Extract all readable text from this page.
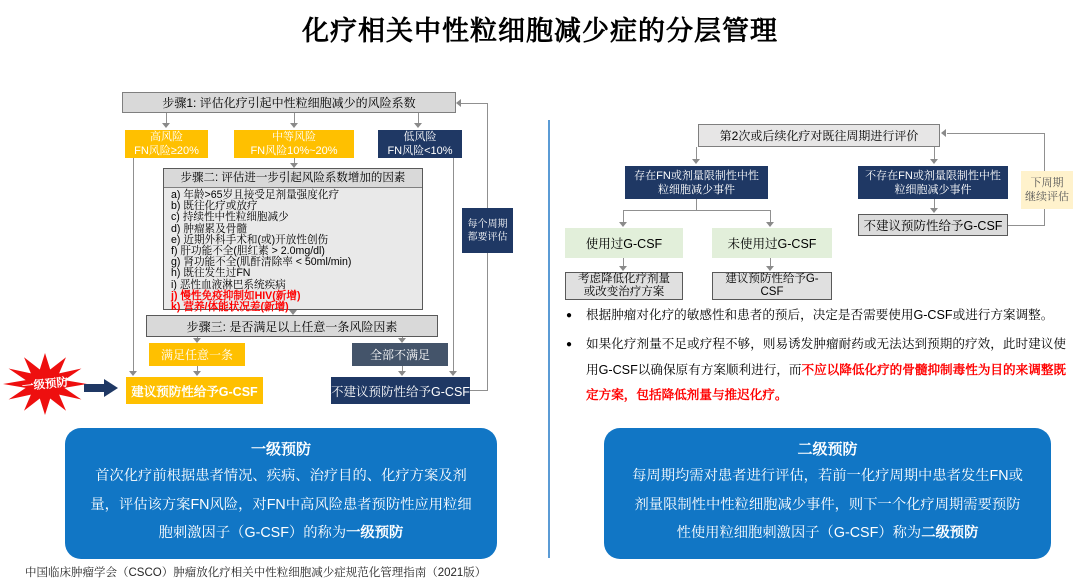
化疗相关中性粒细胞减少症的分层管理
步骤1: 评估化疗引起中性粒细胞减少的风险系数
高风险
FN风险≥20%
中等风险
FN风险10%~20%
低风险
FN风险<10%
步骤二: 评估进一步引起风险系数增加的因素
a) 年龄>65岁且接受足剂量强度化疗
b) 既往化疗或放疗
c) 持续性中性粒细胞减少
d) 肿瘤累及骨髓
e) 近期外科手术和(或)开放性创伤
f) 肝功能不全(胆红素 > 2.0mg/dl)
g) 肾功能不全(肌酐清除率 < 50ml/min)
h) 既往发生过FN
i) 恶性血液淋巴系统疾病
j) 慢性免疫抑制如HIV(新增)
k) 营养/体能状况差(新增)
步骤三: 是否满足以上任意一条风险因素
满足任意一条	全部不满足
建议预防性给予G-CSF	不建议预防性给予G-CSF
每个周期
都要评估
一级预防
第2次或后续化疗对既往周期进行评价
存在FN或剂量限制性中性
粒细胞减少事件
不存在FN或剂量限制性中性
粒细胞减少事件
下周期
继续评估
不建议预防性给予G-CSF
使用过G-CSF	未使用过G-CSF
考虑降低化疗剂量
或改变治疗方案
建议预防性给予G-
CSF
●	根据肿瘤对化疗的敏感性和患者的预后，决定是否需要使用G-CSF或进行方案调整。
●	如果化疗剂量不足或疗程不够，则易诱发肿瘤耐药或无法达到预期的疗效，此时建议使用G-CSF以确保原有方案顺利进行，而不应以降低化疗的骨髓抑制毒性为目的来调整既定方案，包括降低剂量与推迟化疗。
一级预防
首次化疗前根据患者情况、疾病、治疗目的、化疗方案及剂量，评估该方案FN风险，对FN中高风险患者预防性应用粒细胞刺激因子（G-CSF）的称为一级预防
二级预防
每周期均需对患者进行评估，若前一化疗周期中患者发生FN或剂量限制性中性粒细胞减少事件，则下一个化疗周期需要预防性使用粒细胞刺激因子（G-CSF）称为二级预防
中国临床肿瘤学会（CSCO）肿瘤放化疗相关中性粒细胞减少症规范化管理指南（2021版）
